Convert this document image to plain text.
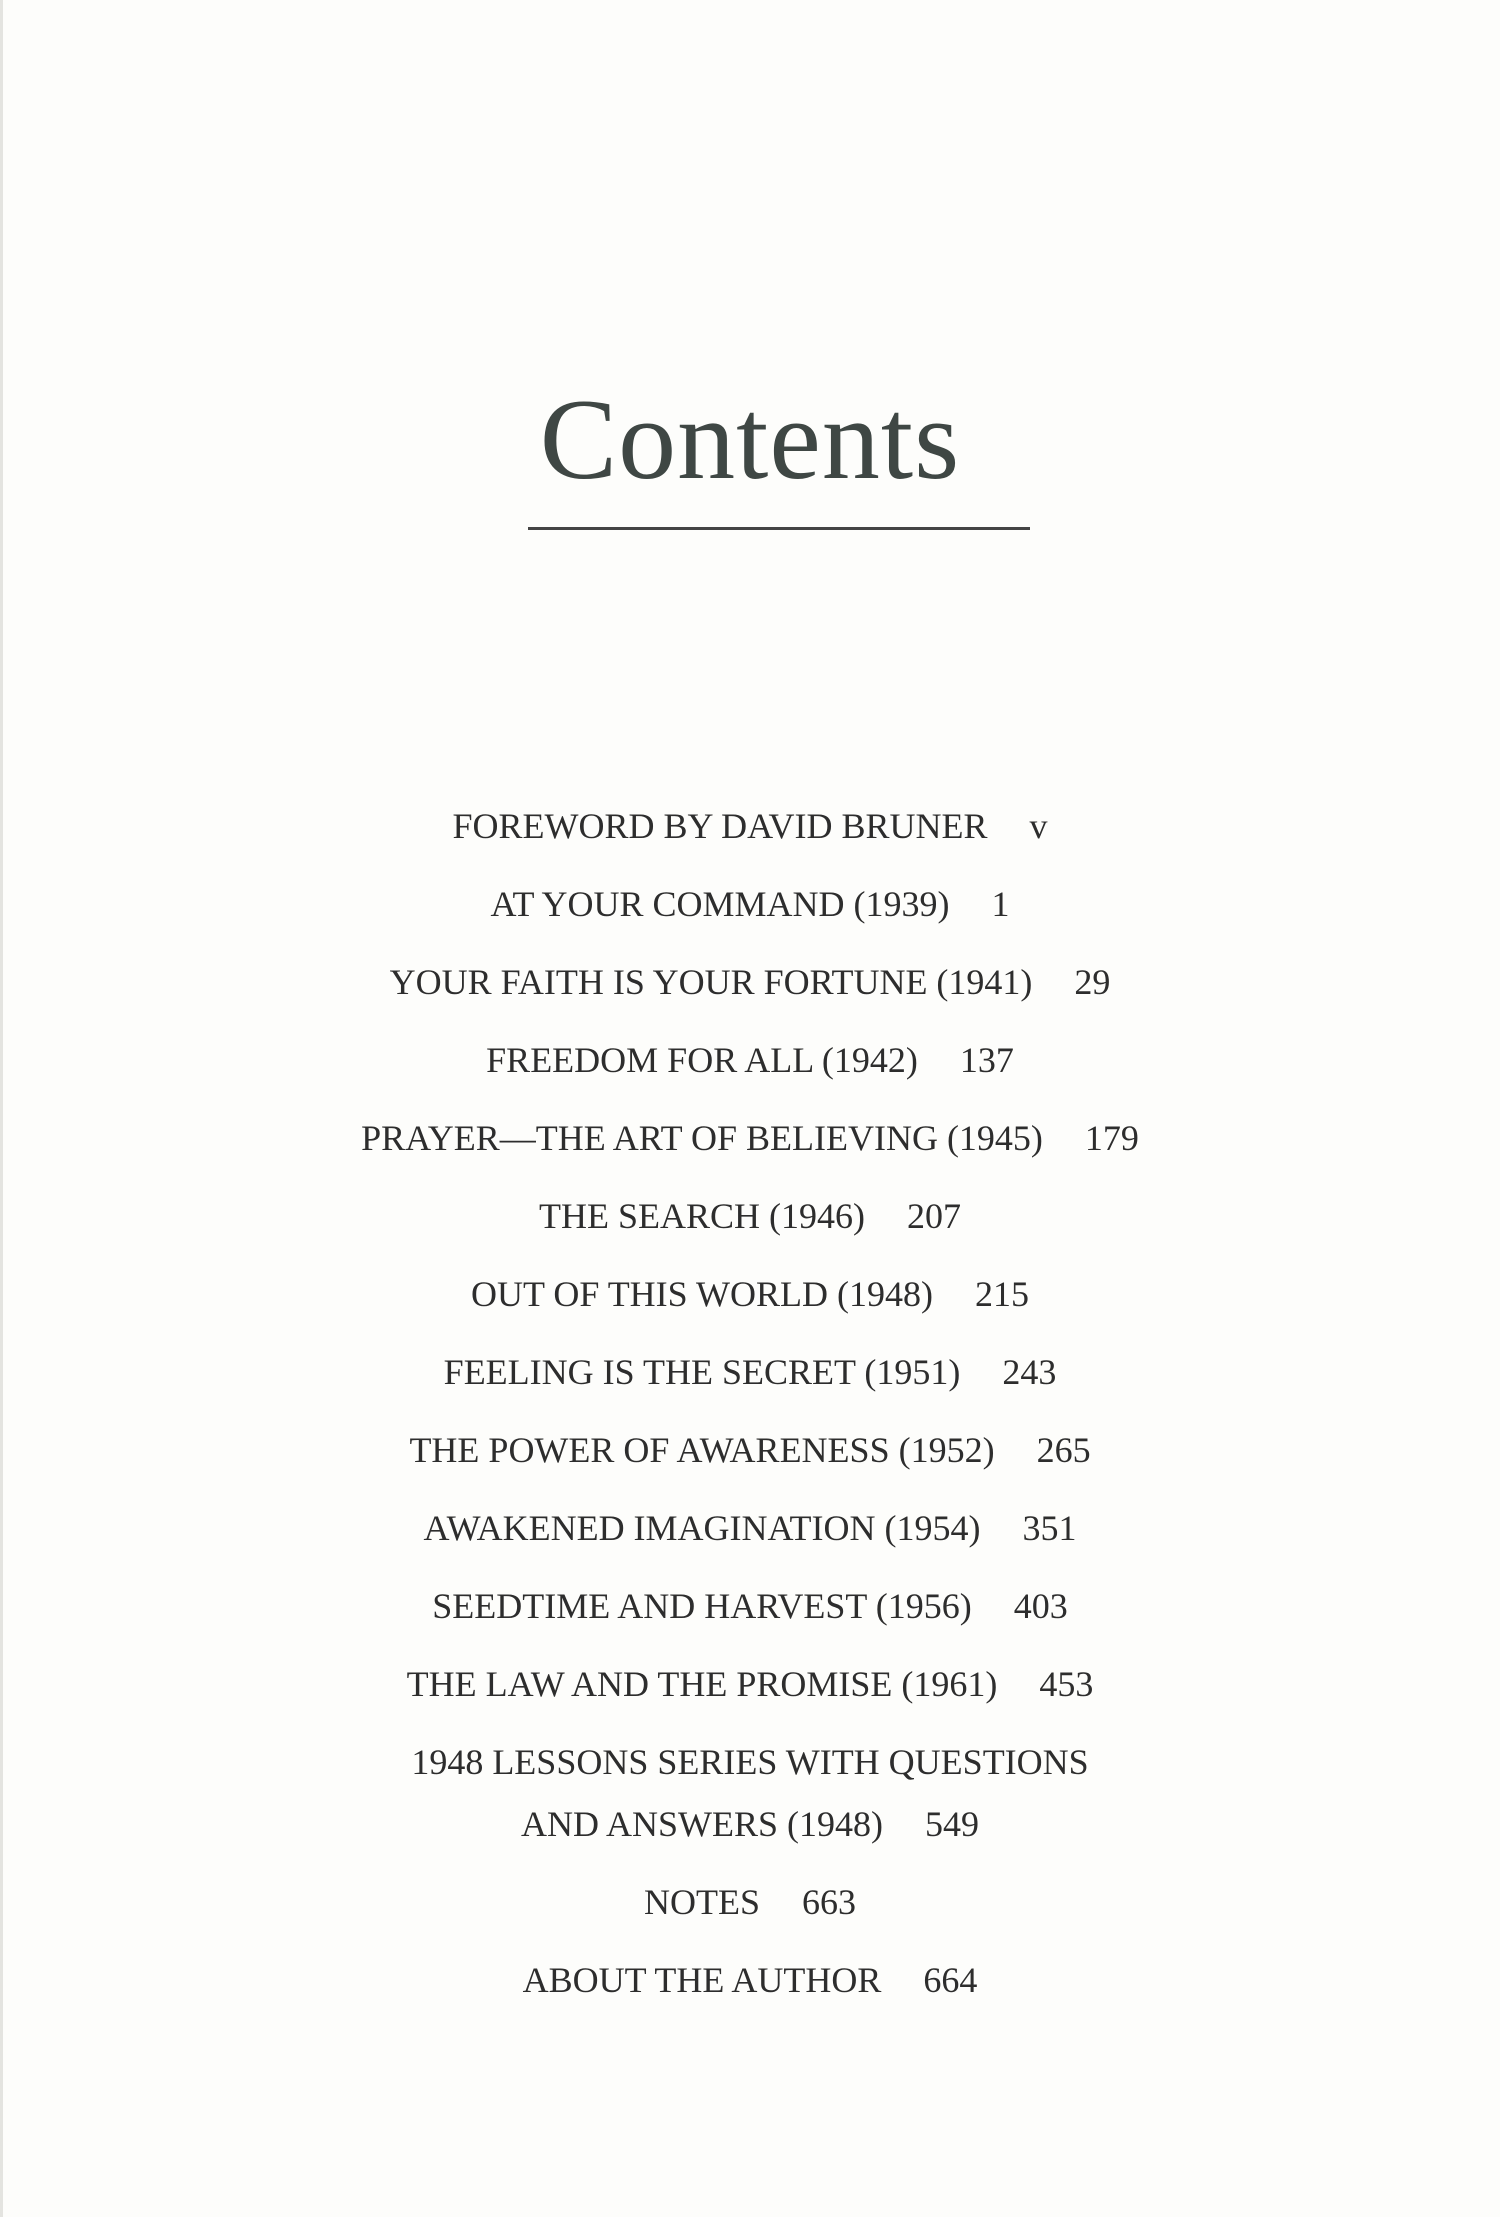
Contents
FOREWORD BY DAVID BRUNER v
AT YOUR COMMAND (1939) 1
YOUR FAITH IS YOUR FORTUNE (1941) 29
FREEDOM FOR ALL (1942) 137
PRAYER—THE ART OF BELIEVING (1945) 179
THE SEARCH (1946) 207
OUT OF THIS WORLD (1948) 215
FEELING IS THE SECRET (1951) 243
THE POWER OF AWARENESS (1952) 265
AWAKENED IMAGINATION (1954) 351
SEEDTIME AND HARVEST (1956) 403
THE LAW AND THE PROMISE (1961) 453
1948 LESSONS SERIES WITH QUESTIONS
AND ANSWERS (1948) 549
NOTES 663
ABOUT THE AUTHOR 664
